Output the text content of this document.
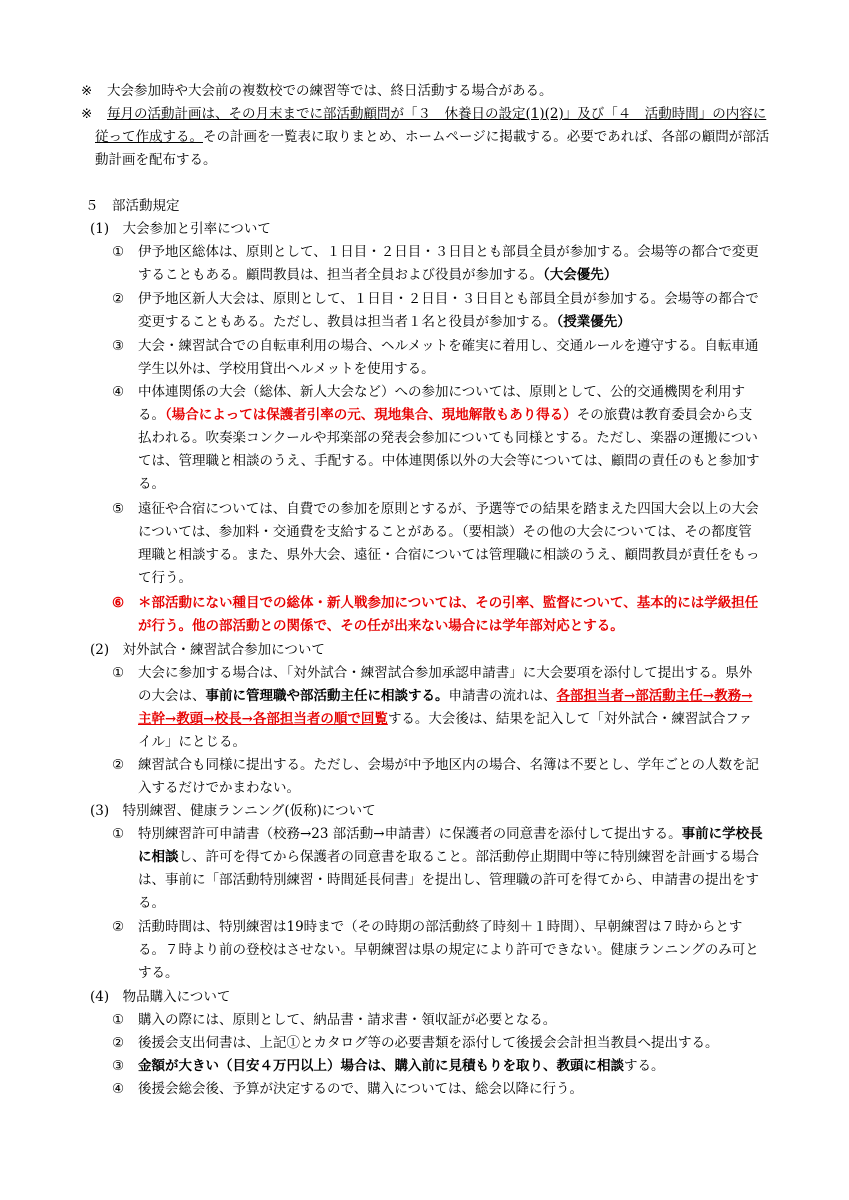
※ 大会参加時や大会前の複数校での練習等では、終日活動する場合がある。
※ 毎月の活動計画は、その月末までに部活動顧問が「３　休養日の設定(1)(2)」及び「４　活動時間」の内容に従って作成する。その計画を一覧表に取りまとめ、ホームページに掲載する。必要であれば、各部の顧問が部活動計画を配布する。
５　部活動規定
(1)　大会参加と引率について
① 伊予地区総体は、原則として、１日目・２日目・３日目とも部員全員が参加する。会場等の都合で変更することもある。顧問教員は、担当者全員および役員が参加する。（大会優先）
② 伊予地区新人大会は、原則として、１日目・２日目・３日目とも部員全員が参加する。会場等の都合で変更することもある。ただし、教員は担当者１名と役員が参加する。（授業優先）
③ 大会・練習試合での自転車利用の場合、ヘルメットを確実に着用し、交通ルールを遵守する。自転車通学生以外は、学校用貸出ヘルメットを使用する。
④ 中体連関係の大会（総体、新人大会など）への参加については、原則として、公的交通機関を利用する。（場合によっては保護者引率の元、現地集合、現地解散もあり得る）その旅費は教育委員会から支払われる。吹奏楽コンクールや邦楽部の発表会参加についても同様とする。ただし、楽器の運搬については、管理職と相談のうえ、手配する。中体連関係以外の大会等については、顧問の責任のもと参加する。
⑤ 遠征や合宿については、自費での参加を原則とするが、予選等での結果を踏まえた四国大会以上の大会については、参加料・交通費を支給することがある。（要相談）その他の大会については、その都度管理職と相談する。また、県外大会、遠征・合宿については管理職に相談のうえ、顧問教員が責任をもって行う。
⑥ ＊部活動にない種目での総体・新人戦参加については、その引率、監督について、基本的には学級担任が行う。他の部活動との関係で、その任が出来ない場合には学年部対応とする。
(2)　対外試合・練習試合参加について
① 大会に参加する場合は、「対外試合・練習試合参加承認申請書」に大会要項を添付して提出する。県外の大会は、事前に管理職や部活動主任に相談する。申請書の流れは、各部担当者→部活動主任→教務→主幹→教頭→校長→各部担当者の順で回覧する。大会後は、結果を記入して「対外試合・練習試合ファイル」にとじる。
② 練習試合も同様に提出する。ただし、会場が中予地区内の場合、名簿は不要とし、学年ごとの人数を記入するだけでかまわない。
(3)　特別練習、健康ランニング(仮称)について
① 特別練習許可申請書（校務→23 部活動→申請書）に保護者の同意書を添付して提出する。事前に学校長に相談し、許可を得てから保護者の同意書を取ること。部活動停止期間中等に特別練習を計画する場合は、事前に「部活動特別練習・時間延長伺書」を提出し、管理職の許可を得てから、申請書の提出をする。
② 活動時間は、特別練習は19時まで（その時期の部活動終了時刻＋１時間）、早朝練習は７時からとする。７時より前の登校はさせない。早朝練習は県の規定により許可できない。健康ランニングのみ可とする。
(4)　物品購入について
① 購入の際には、原則として、納品書・請求書・領収証が必要となる。
② 後援会支出伺書は、上記①とカタログ等の必要書類を添付して後援会会計担当教員へ提出する。
③ 金額が大きい（目安４万円以上）場合は、購入前に見積もりを取り、教頭に相談する。
④ 後援会総会後、予算が決定するので、購入については、総会以降に行う。
